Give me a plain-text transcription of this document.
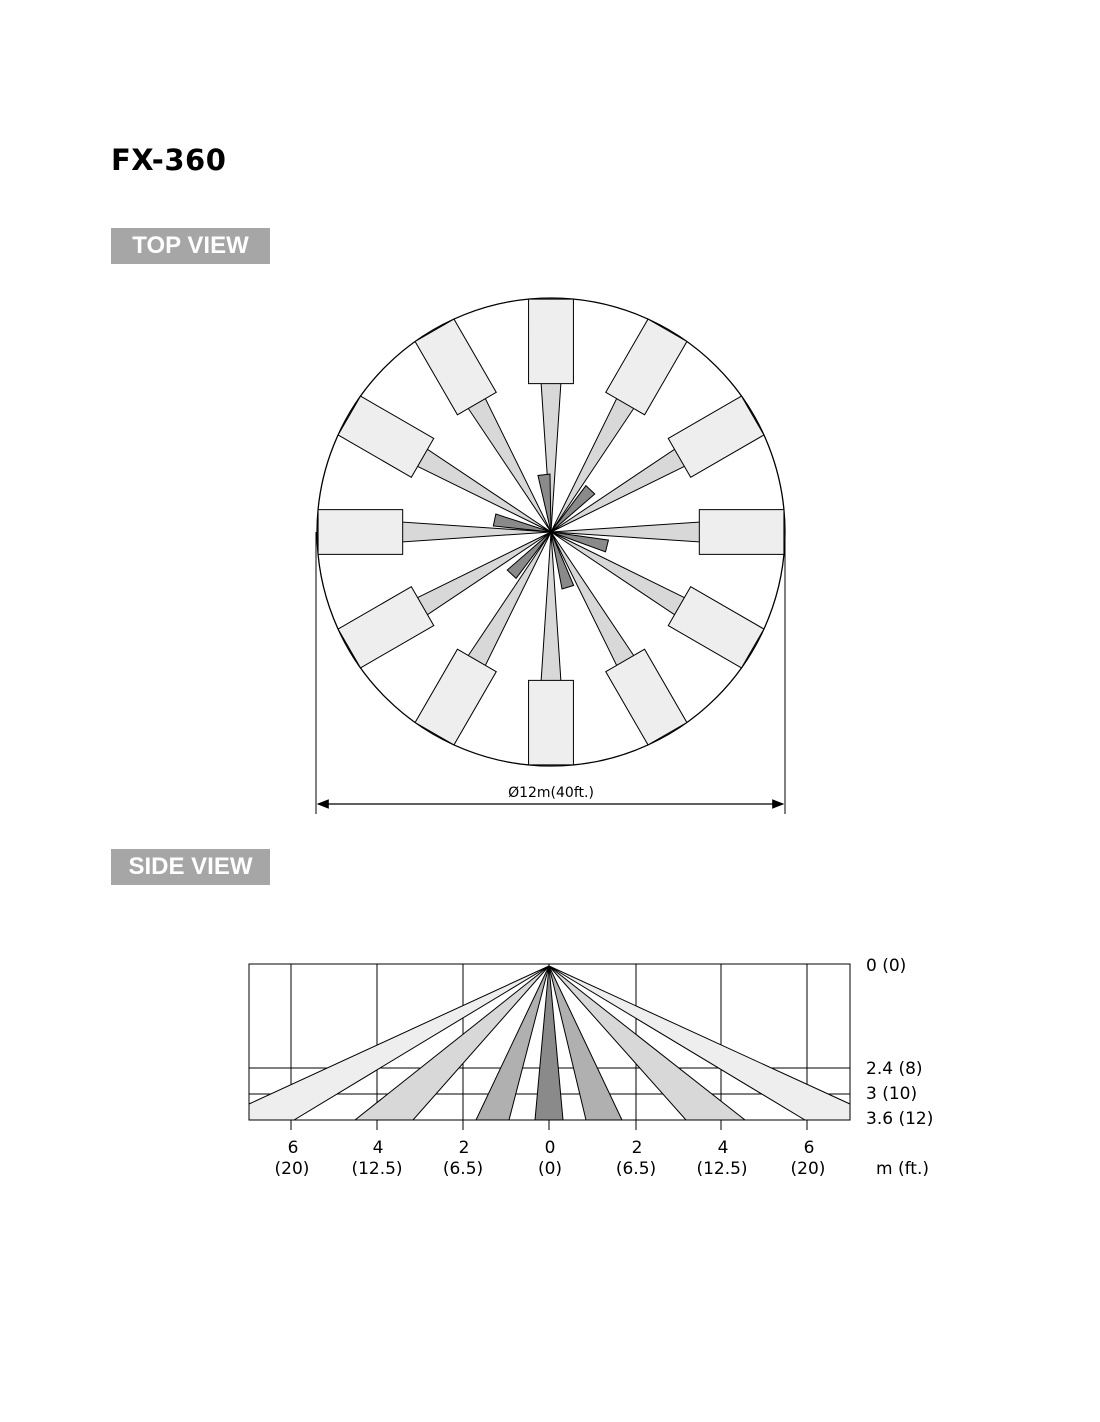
FX-360
TOP VIEW
SIDE VIEW
Ø12m(40ft.)
6
(20)
4
(12.5)
2
(6.5)
0
(0)
2
(6.5)
4
(12.5)
6
(20)
0 (0)
2.4 (8)
3 (10)
3.6 (12)
m (ft.)
